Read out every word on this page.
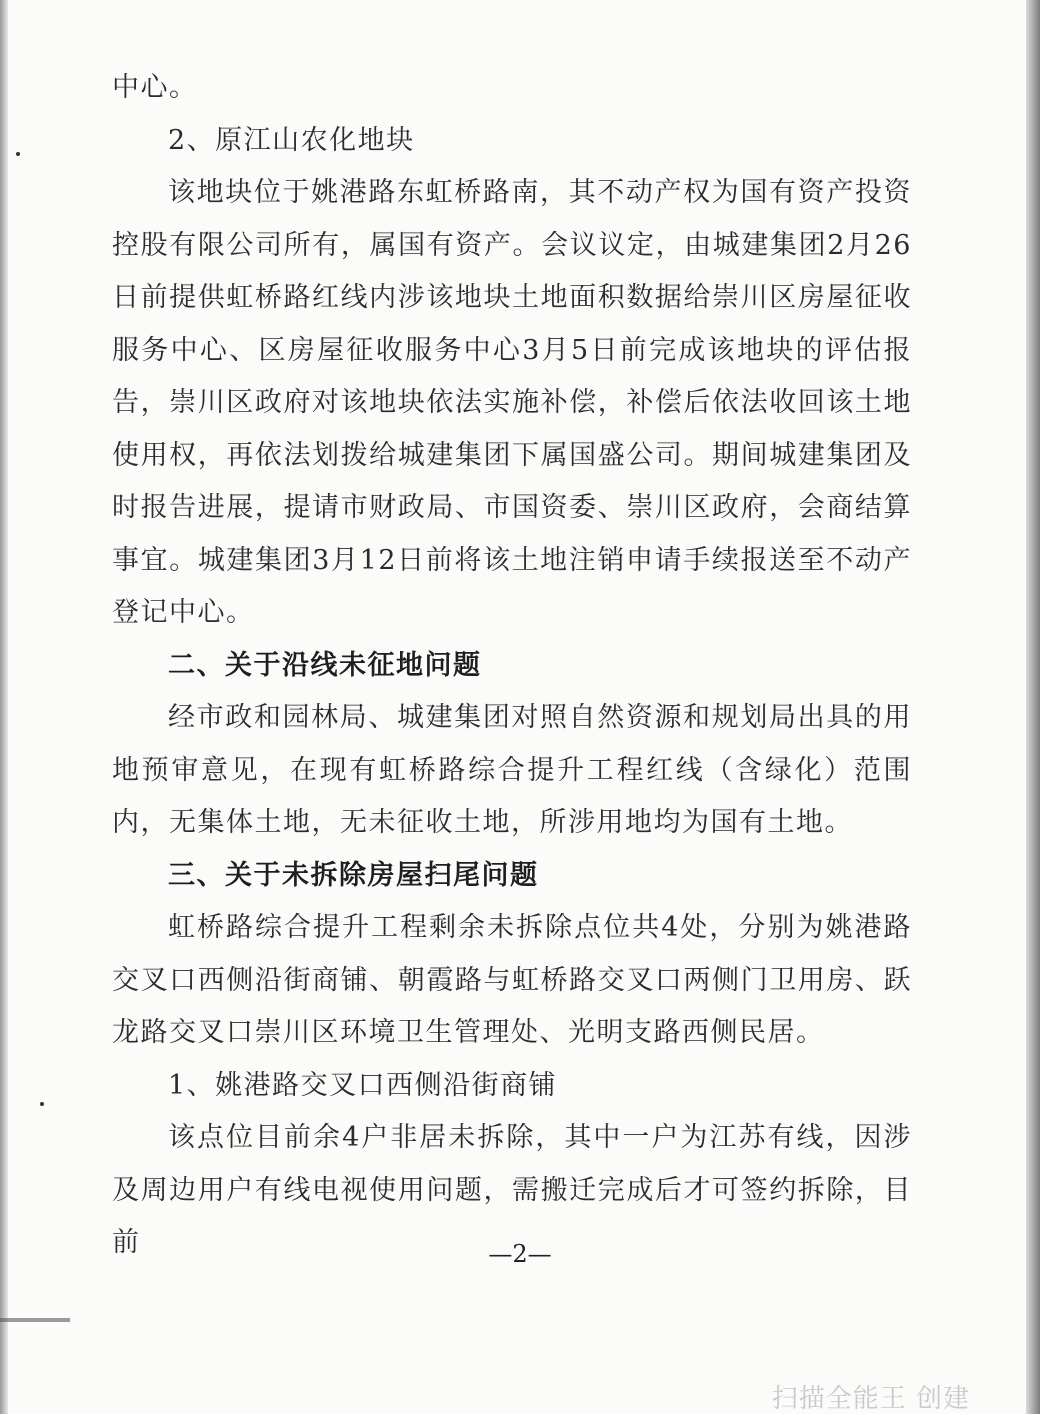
中心。

2、原江山农化地块

该地块位于姚港路东虹桥路南，其不动产权为国有资产投资控股有限公司所有，属国有资产。会议议定，由城建集团2月26日前提供虹桥路红线内涉该地块土地面积数据给崇川区房屋征收服务中心、区房屋征收服务中心3月5日前完成该地块的评估报告，崇川区政府对该地块依法实施补偿，补偿后依法收回该土地使用权，再依法划拨给城建集团下属国盛公司。期间城建集团及时报告进展，提请市财政局、市国资委、崇川区政府，会商结算事宜。城建集团3月12日前将该土地注销申请手续报送至不动产登记中心。

二、关于沿线未征地问题

经市政和园林局、城建集团对照自然资源和规划局出具的用地预审意见，在现有虹桥路综合提升工程红线（含绿化）范围内，无集体土地，无未征收土地，所涉用地均为国有土地。

三、关于未拆除房屋扫尾问题

虹桥路综合提升工程剩余未拆除点位共4处，分别为姚港路交叉口西侧沿街商铺、朝霞路与虹桥路交叉口两侧门卫用房、跃龙路交叉口崇川区环境卫生管理处、光明支路西侧民居。

1、姚港路交叉口西侧沿街商铺

该点位目前余4户非居未拆除，其中一户为江苏有线，因涉及周边用户有线电视使用问题，需搬迁完成后才可签约拆除，目前	—2—
扫描全能王 创建
